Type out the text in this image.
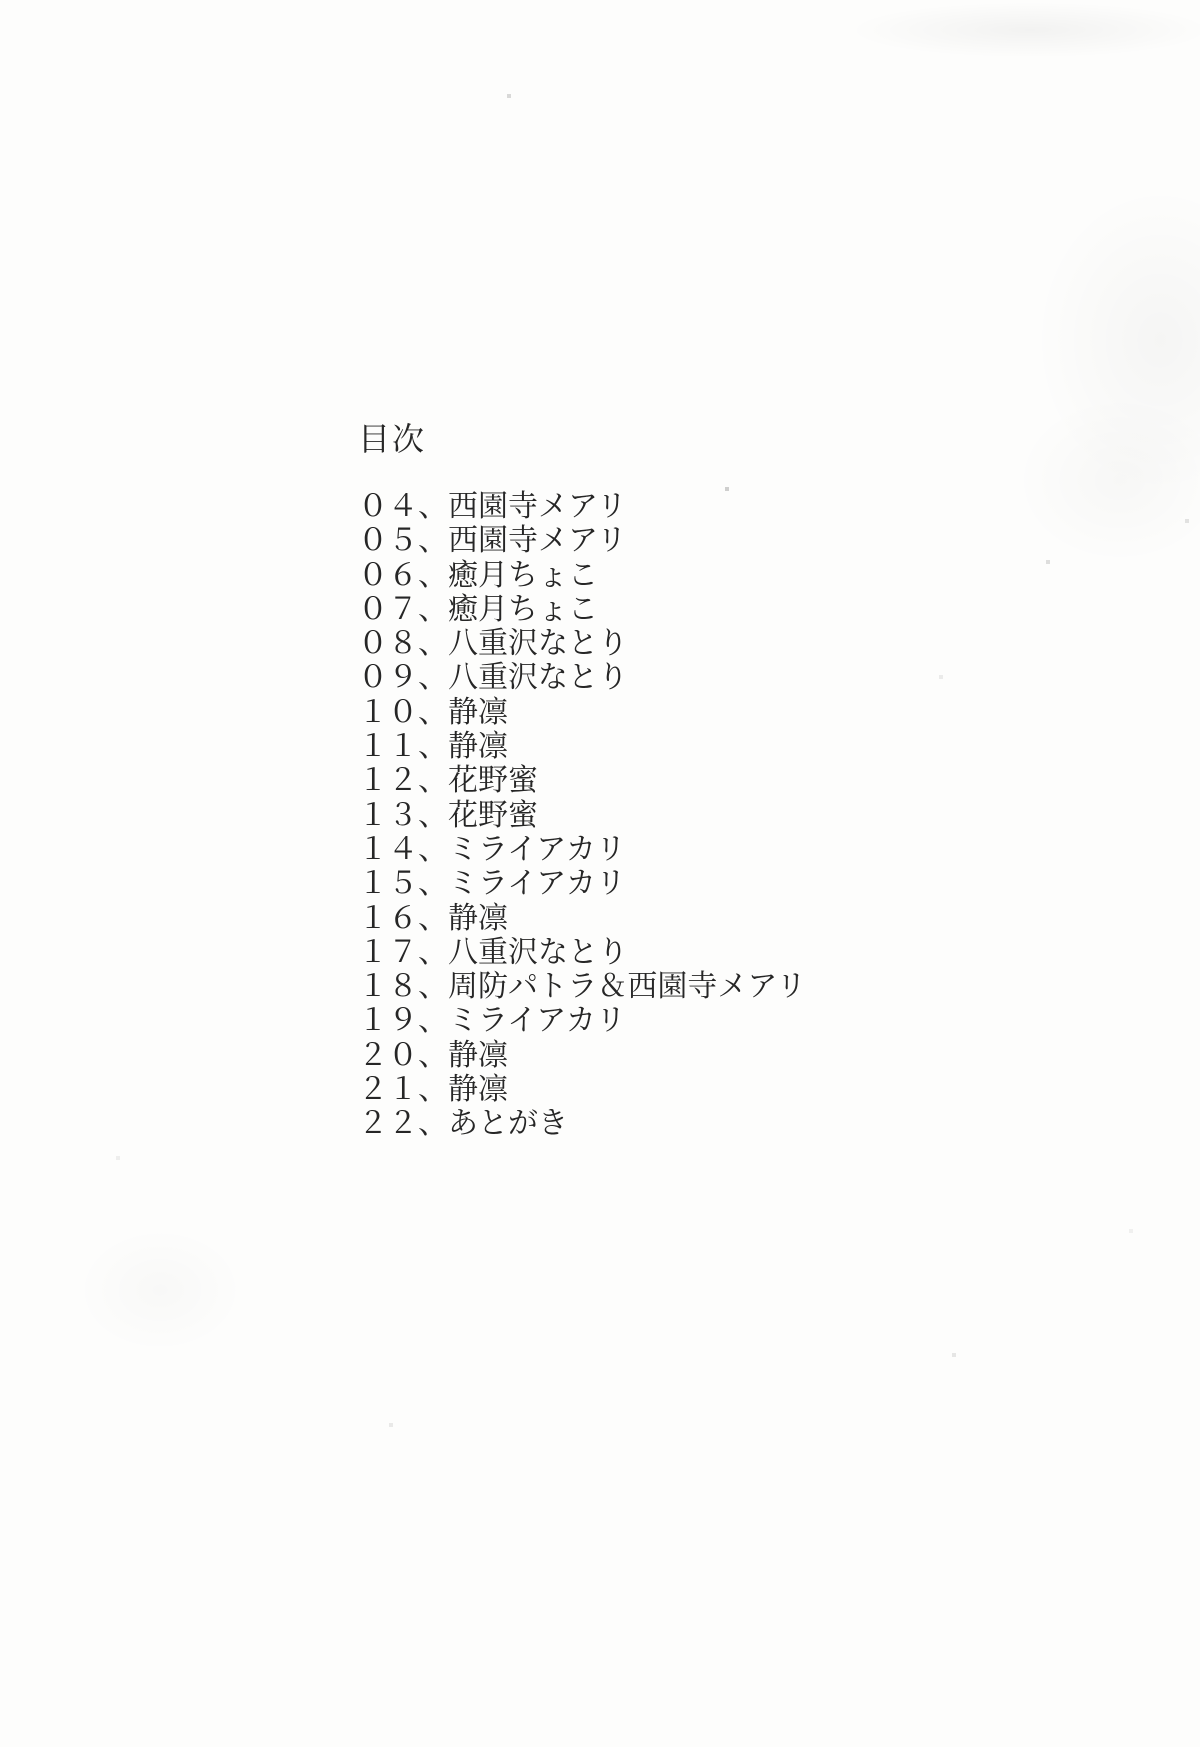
目次
０４、西園寺メアリ
０５、西園寺メアリ
０６、癒月ちょこ
０７、癒月ちょこ
０８、八重沢なとり
０９、八重沢なとり
１０、静凛
１１、静凛
１２、花野蜜
１３、花野蜜
１４、ミライアカリ
１５、ミライアカリ
１６、静凛
１７、八重沢なとり
１８、周防パトラ＆西園寺メアリ
１９、ミライアカリ
２０、静凛
２１、静凛
２２、あとがき
